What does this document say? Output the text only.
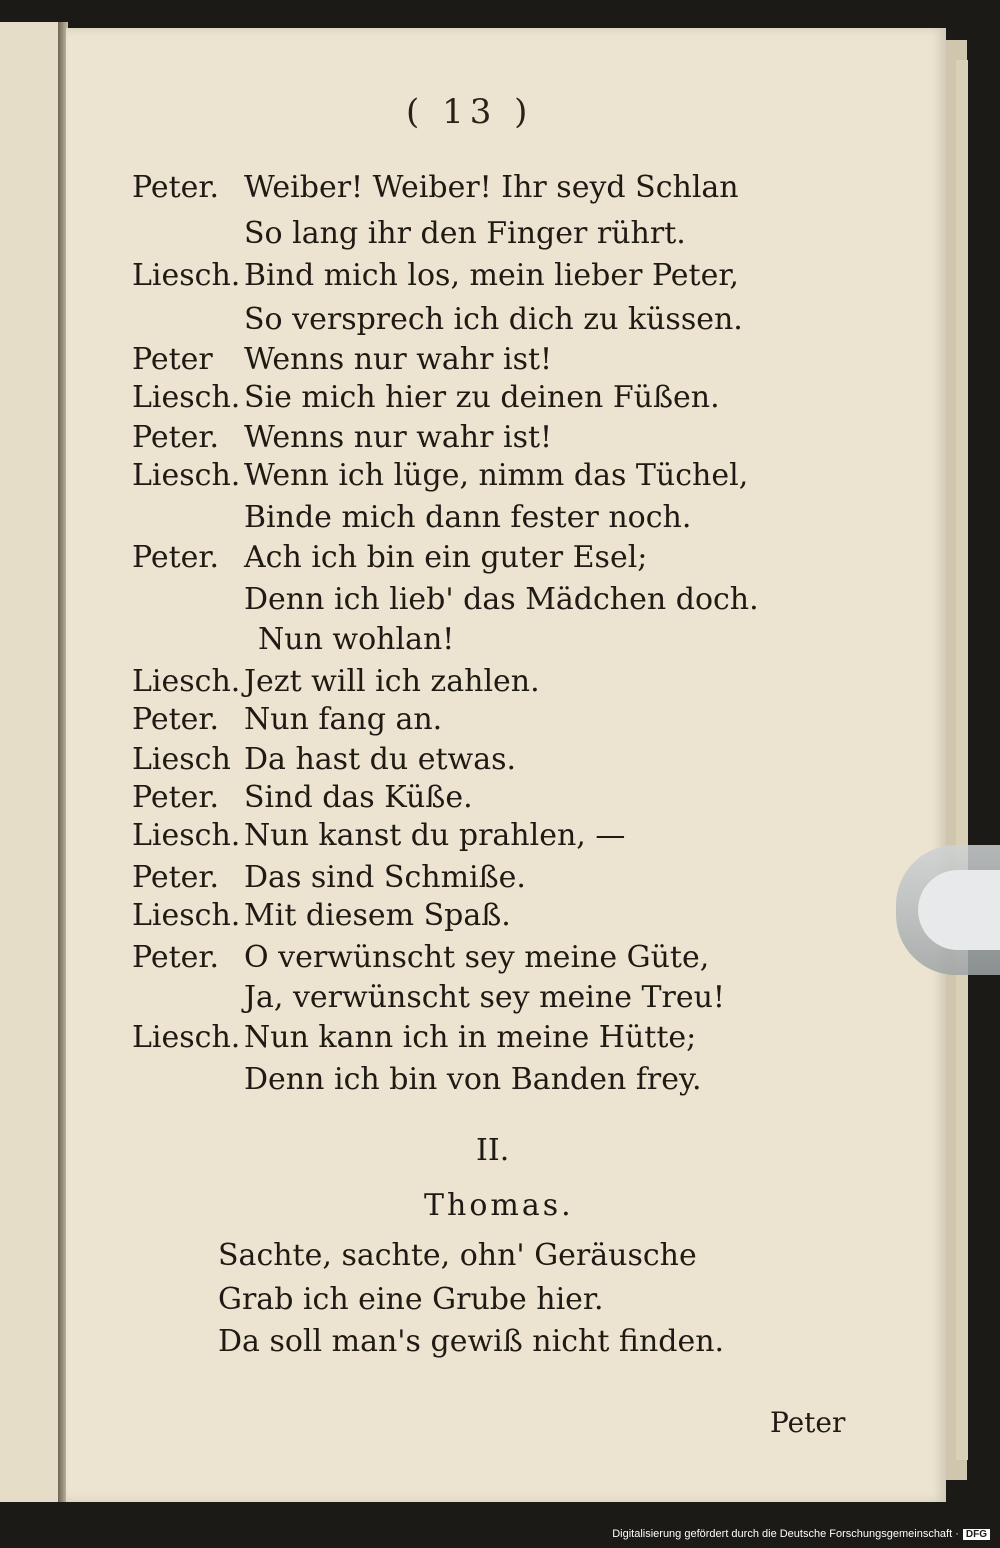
( 13 )
Peter. Weiber! Weiber! Ihr seyd Schlan
So lang ihr den Finger rührt.
Liesch. Bind mich los, mein lieber Peter,
So versprech ich dich zu küssen.
Peter Wenns nur wahr ist!
Liesch. Sie mich hier zu deinen Füßen.
Peter. Wenns nur wahr ist!
Liesch. Wenn ich lüge, nimm das Tüchel,
Binde mich dann fester noch.
Peter. Ach ich bin ein guter Esel;
Denn ich lieb' das Mädchen doch.
Nun wohlan!
Liesch. Jezt will ich zahlen.
Peter. Nun fang an.
Liesch Da hast du etwas.
Peter. Sind das Küße.
Liesch. Nun kanst du prahlen, —
Peter. Das sind Schmiße.
Liesch. Mit diesem Spaß.
Peter. O verwünscht sey meine Güte,
Ja, verwünscht sey meine Treu!
Liesch. Nun kann ich in meine Hütte;
Denn ich bin von Banden frey.
II.
Thomas.
Sachte, sachte, ohn' Geräusche
Grab ich eine Grube hier.
Da soll man's gewiß nicht finden.
Peter
Digitalisierung gefördert durch die Deutsche Forschungsgemeinschaft · DFG
